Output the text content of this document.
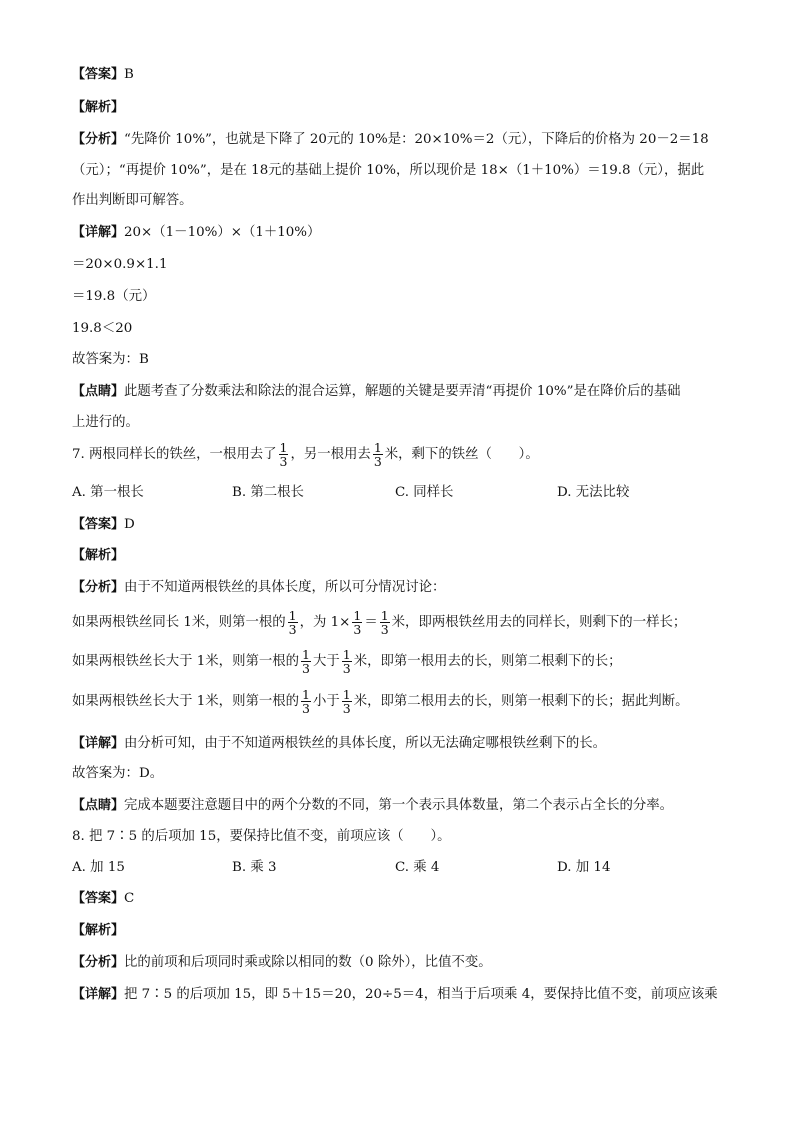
【答案】B
【解析】
【分析】“先降价 10%”，也就是下降了 20元的 10%是：20×10%＝2（元），下降后的价格为 20－2＝18
（元）；“再提价 10%”，是在 18元的基础上提价 10%，所以现价是 18×（1＋10%）＝19.8（元），据此
作出判断即可解答。
【详解】20×（1－10%）×（1＋10%）
＝20×0.9×1.1
＝19.8（元）
19.8＜20
故答案为：B
【点睛】此题考查了分数乘法和除法的混合运算，解题的关键是要弄清“再提价 10%”是在降价后的基础
上进行的。
7. 两根同样长的铁丝，一根用去了 $\frac{1}{3}$ ，另一根用去 $\frac{1}{3}$ 米，剩下的铁丝（　　）。
A. 第一根长	B. 第二根长	C. 同样长	D. 无法比较
【答案】D
【解析】
【分析】由于不知道两根铁丝的具体长度，所以可分情况讨论：
如果两根铁丝同长 1米，则第一根的 $\frac{1}{3}$ ，为 $1\times \frac{1}{3} = \frac{1}{3}$ 米，即两根铁丝用去的同样长，则剩下的一样长；
如果两根铁丝长大于 1米，则第一根的 $\frac{1}{3}$ 大于 $\frac{1}{3}$ 米，即第一根用去的长，则第二根剩下的长；
如果两根铁丝长大于 1米，则第一根的 $\frac{1}{3}$ 小于 $\frac{1}{3}$ 米，即第二根用去的长，则第一根剩下的长；据此判断。
【详解】由分析可知，由于不知道两根铁丝的具体长度，所以无法确定哪根铁丝剩下的长。
故答案为：D。
【点睛】完成本题要注意题目中的两个分数的不同，第一个表示具体数量，第二个表示占全长的分率。
8. 把 7∶5 的后项加 15，要保持比值不变，前项应该（　　）。
A. 加 15	B. 乘 3	C. 乘 4	D. 加 14
【答案】C
【解析】
【分析】比的前项和后项同时乘或除以相同的数（0 除外），比值不变。
【详解】把 7∶5 的后项加 15，即 5＋15＝20，20÷5＝4，相当于后项乘 4，要保持比值不变，前项应该乘
